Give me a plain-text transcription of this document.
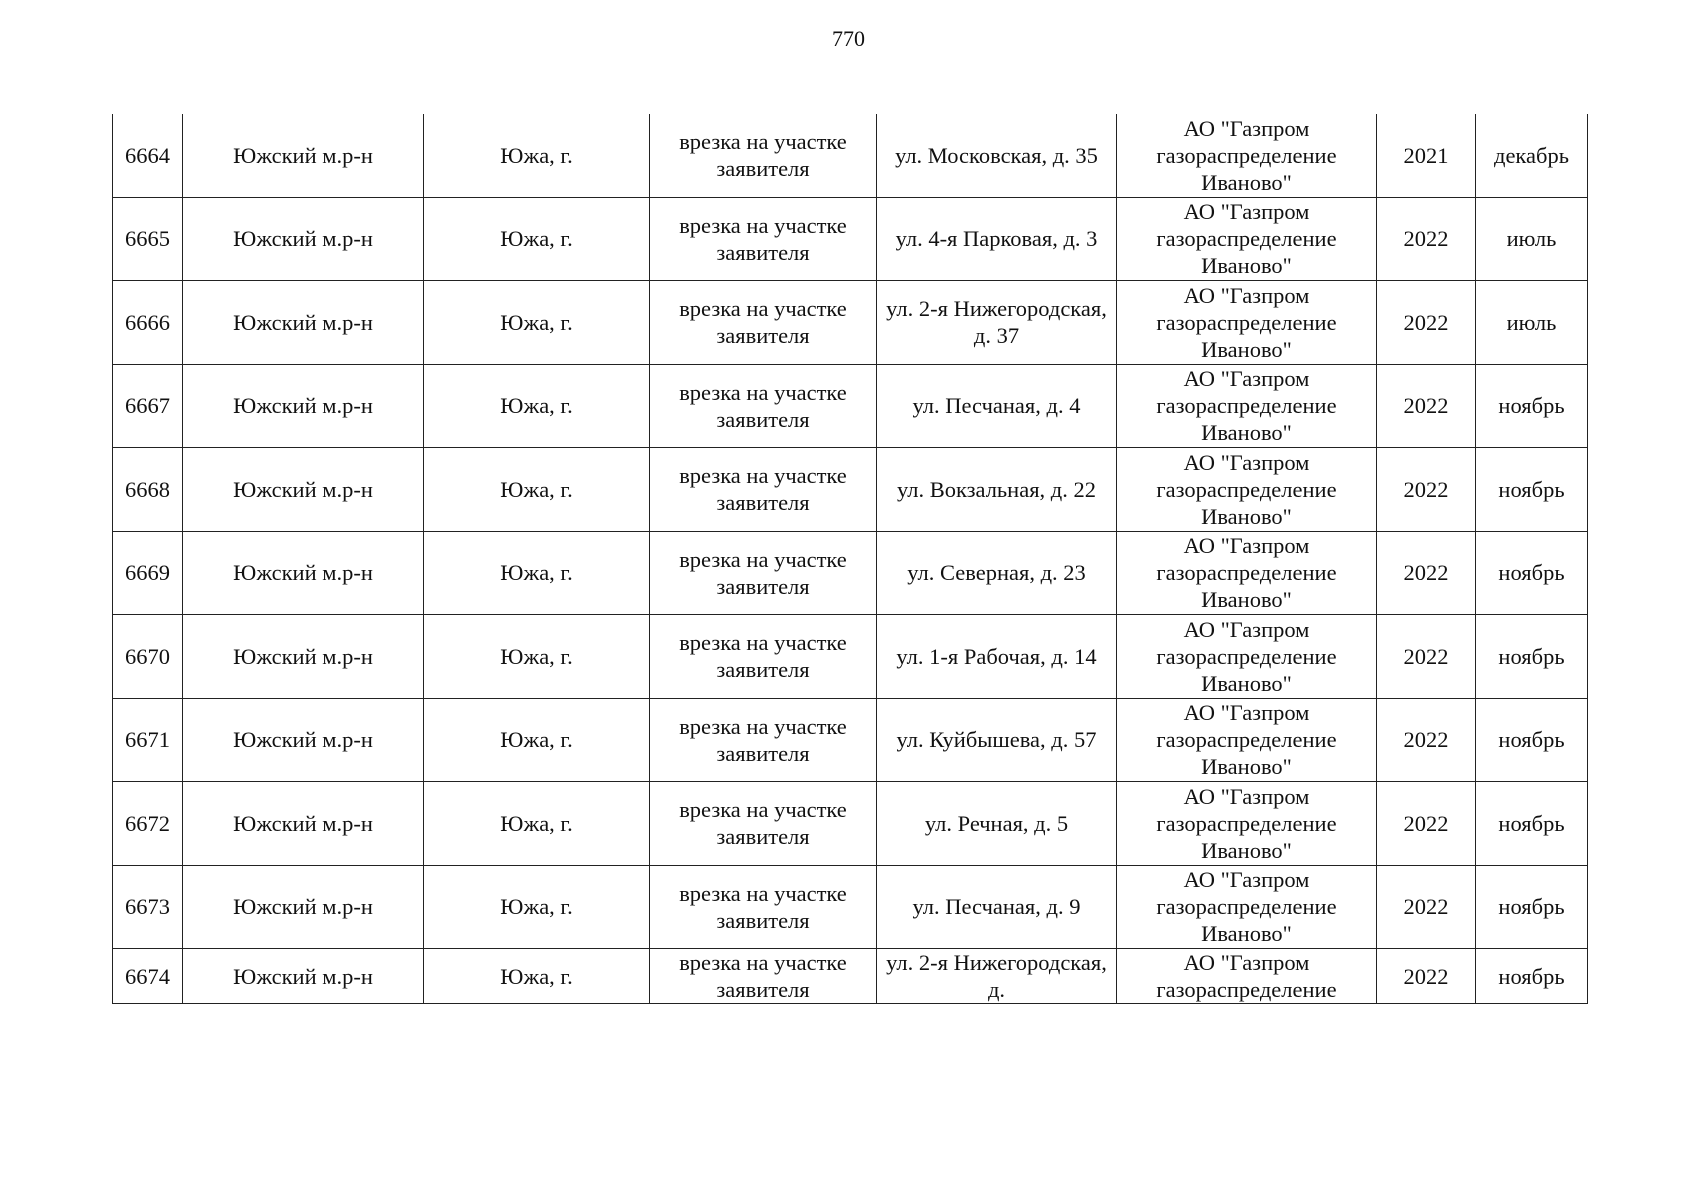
770
6664	Южский м.р-н	Южа, г.	врезка на участке заявителя	ул. Московская, д. 35	АО "Газпром газораспределение Иваново"	2021	декабрь
6665	Южский м.р-н	Южа, г.	врезка на участке заявителя	ул. 4-я Парковая, д. 3	АО "Газпром газораспределение Иваново"	2022	июль
6666	Южский м.р-н	Южа, г.	врезка на участке заявителя	ул. 2-я Нижегородская, д. 37	АО "Газпром газораспределение Иваново"	2022	июль
6667	Южский м.р-н	Южа, г.	врезка на участке заявителя	ул. Песчаная, д. 4	АО "Газпром газораспределение Иваново"	2022	ноябрь
6668	Южский м.р-н	Южа, г.	врезка на участке заявителя	ул. Вокзальная, д. 22	АО "Газпром газораспределение Иваново"	2022	ноябрь
6669	Южский м.р-н	Южа, г.	врезка на участке заявителя	ул. Северная, д. 23	АО "Газпром газораспределение Иваново"	2022	ноябрь
6670	Южский м.р-н	Южа, г.	врезка на участке заявителя	ул. 1-я Рабочая, д. 14	АО "Газпром газораспределение Иваново"	2022	ноябрь
6671	Южский м.р-н	Южа, г.	врезка на участке заявителя	ул. Куйбышева, д. 57	АО "Газпром газораспределение Иваново"	2022	ноябрь
6672	Южский м.р-н	Южа, г.	врезка на участке заявителя	ул. Речная, д. 5	АО "Газпром газораспределение Иваново"	2022	ноябрь
6673	Южский м.р-н	Южа, г.	врезка на участке заявителя	ул. Песчаная, д. 9	АО "Газпром газораспределение Иваново"	2022	ноябрь
6674	Южский м.р-н	Южа, г.	врезка на участке заявителя	ул. 2-я Нижегородская, д.	АО "Газпром газораспределение	2022	ноябрь
